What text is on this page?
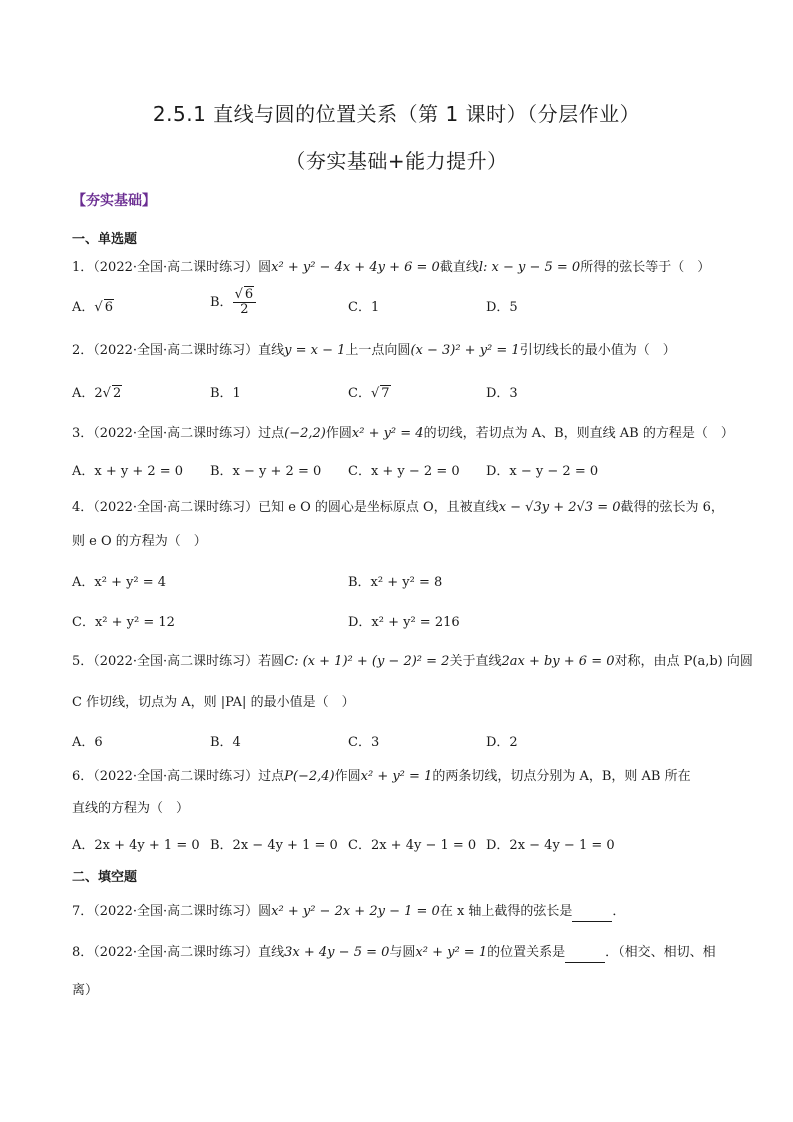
2.5.1 直线与圆的位置关系（第 1 课时）（分层作业）
（夯实基础+能力提升）
【夯实基础】
一、单选题
1．（2022·全国·高二课时练习）圆x² + y² − 4x + 4y + 6 = 0截直线l: x − y − 5 = 0所得的弦长等于（　）
A．√ 6	B． $\frac{√ 6}{2}$	C．1	D．5
2．（2022·全国·高二课时练习）直线y = x − 1上一点向圆(x − 3)² + y² = 1引切线长的最小值为（　）
A．2√ 2	B．1	C．√ 7	D．3
3．（2022·全国·高二课时练习）过点(−2,2)作圆x² + y² = 4的切线，若切点为 A、B，则直线 AB 的方程是（　）
A．x + y + 2 = 0 B．x − y + 2 = 0 C．x + y − 2 = 0 D．x − y − 2 = 0
4．（2022·全国·高二课时练习）已知 e O 的圆心是坐标原点 O，且被直线x − √3y + 2√3 = 0截得的弦长为 6，
则 e O 的方程为（　）
A．x² + y² = 4	B．x² + y² = 8
C．x² + y² = 12	D．x² + y² = 216
5．（2022·全国·高二课时练习）若圆C: (x + 1)² + (y − 2)² = 2关于直线2ax + by + 6 = 0对称，由点 P(a,b) 向圆
C 作切线，切点为 A，则 |PA| 的最小值是（　）
A．6	B．4	C．3	D．2
6．（2022·全国·高二课时练习）过点P(−2,4)作圆x² + y² = 1的两条切线，切点分别为 A，B，则 AB 所在
直线的方程为（　）
A．2x + 4y + 1 = 0 B．2x − 4y + 1 = 0 C．2x + 4y − 1 = 0 D．2x − 4y − 1 = 0
二、填空题
7．（2022·全国·高二课时练习）圆x² + y² − 2x + 2y − 1 = 0在 x 轴上截得的弦长是	．
8．（2022·全国·高二课时练习）直线3x + 4y − 5 = 0与圆x² + y² = 1的位置关系是	．（相交、相切、相
离）
